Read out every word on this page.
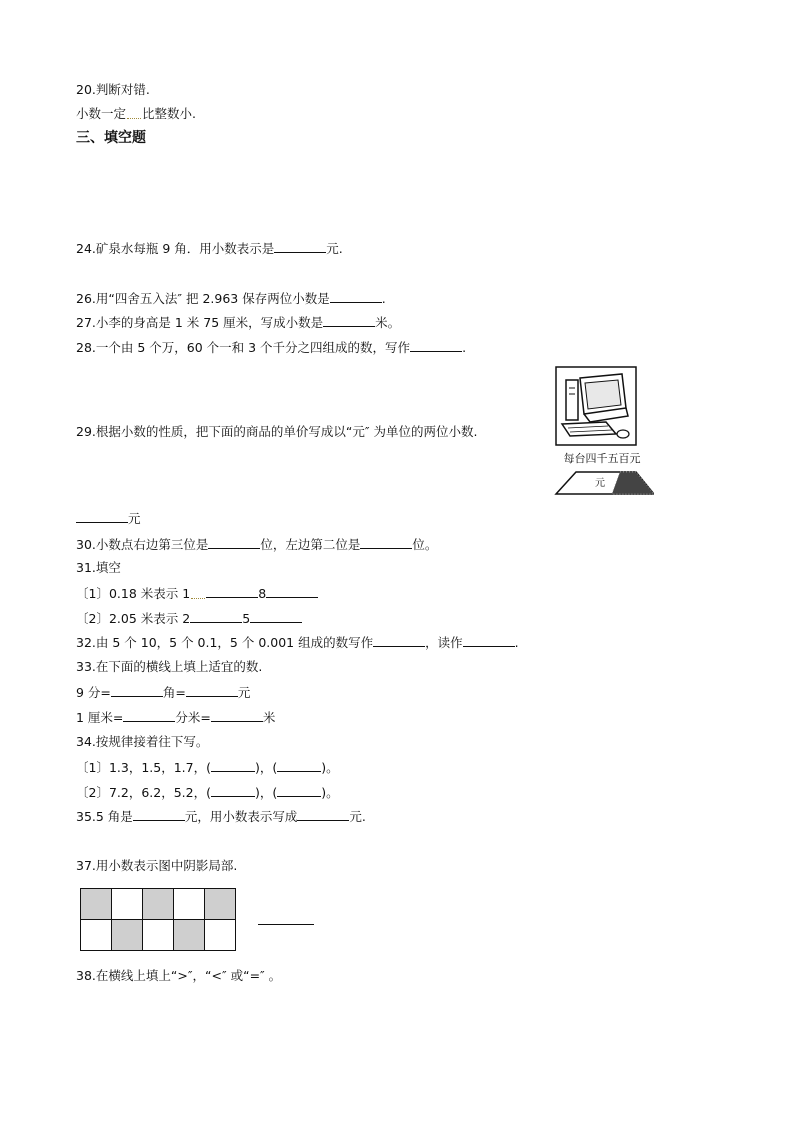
20.判断对错.
小数一定 比整数小.
三、填空题
24.矿泉水每瓶 9 角．用小数表示是	元.
26.用“四舍五入法″ 把 2.963 保存两位小数是	.
27.小李的身高是 1 米 75 厘米，写成小数是	米。
28.一个由 5 个万，60 个一和 3 个千分之四组成的数，写作	.
29.根据小数的性质，把下面的商品的单价写成以“元″ 为单位的两位小数.
每台四千五百元
元
元
30.小数点右边第三位是	位，左边第二位是	位。
31.填空
〔1〕0.18 米表示 1	8
〔2〕2.05 米表示 2	5
32.由 5 个 10，5 个 0.1，5 个 0.001 组成的数写作	，读作	.
33.在下面的横线上填上适宜的数.
9 分=	角=	元
1 厘米=	分米=	米
34.按规律接着往下写。
〔1〕1.3，1.5，1.7，(	)，(	)。
〔2〕7.2，6.2，5.2，(	)，(	)。
35.5 角是	元，用小数表示写成	元.
37.用小数表示图中阴影局部.

38.在横线上填上“>″，“<″ 或“=″ 。
